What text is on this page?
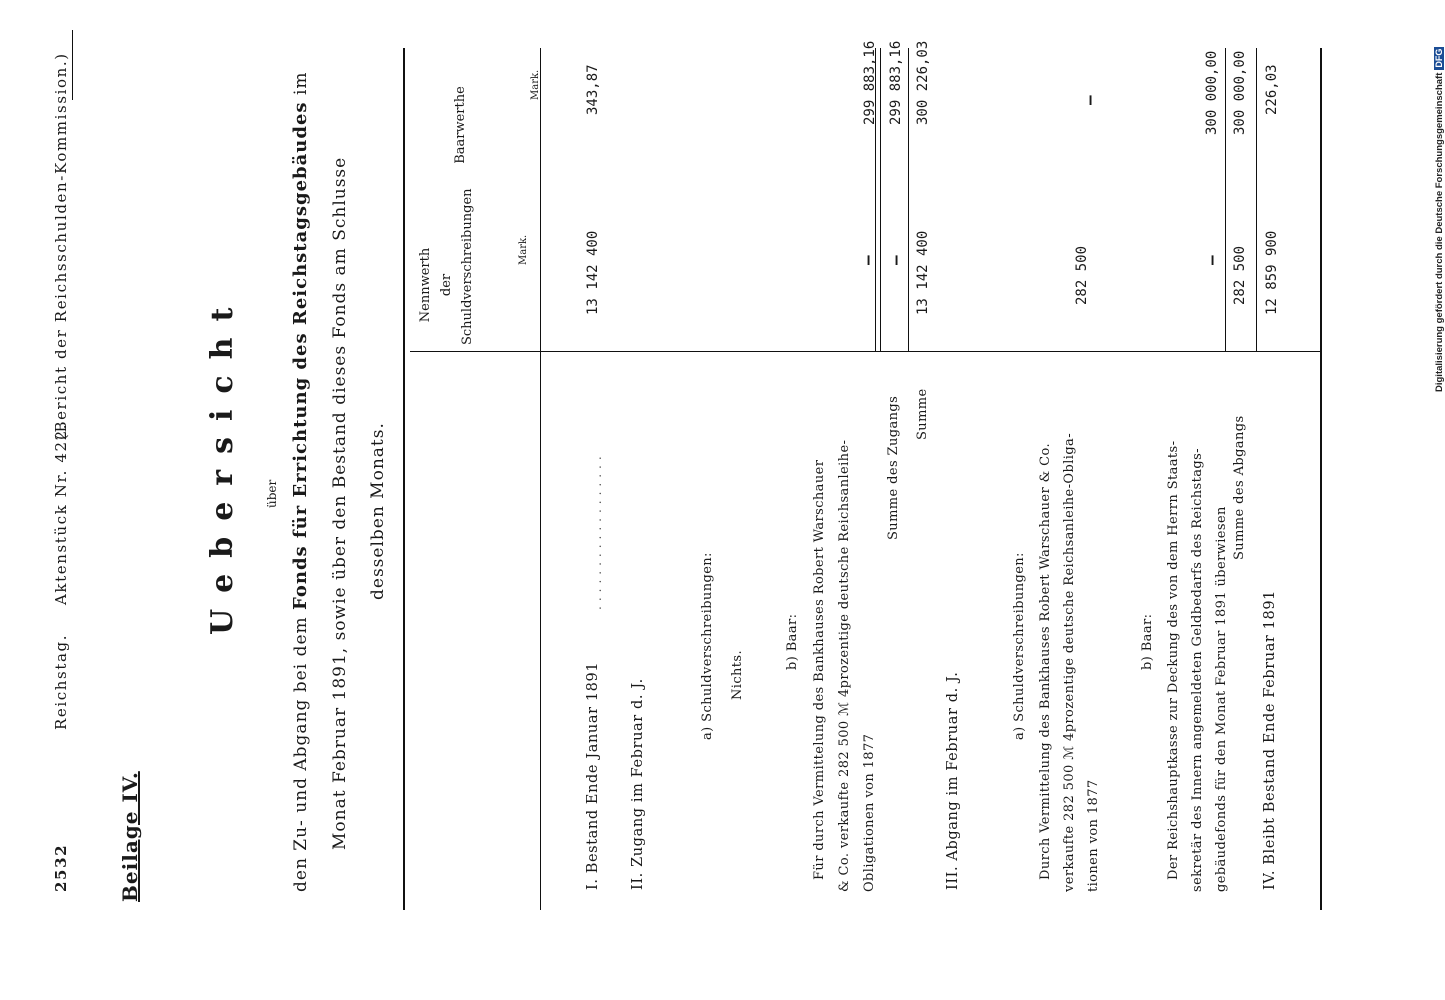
2532
Reichstag.
Aktenstück Nr. 422.
(Bericht der Reichsschulden-Kommission.)
Beilage IV.
Uebersicht über
den Zu- und Abgang bei dem Fonds für Errichtung des Reichstagsgebäudes im
Monat Februar 1891, sowie über den Bestand dieses Fonds am Schlusse desselben Monats.
Nennwerth der Schuldverschreibungen	Mark.
Baarwerthe
Mark.
I. Bestand Ende Januar 1891
..................
13 142 400
343,87
II. Zugang im Februar d. J.
a) Schuldverschreibungen: Nichts.
b) Baar: Für durch Vermittelung des Bankhauses Robert Warschauer & Co. verkaufte 282 500 ℳ 4prozentige deutsche Reichsanleihe- Obligationen von 1877
—
299 883,16
Summe des Zugangs
—
299 883,16
Summe
13 142 400
300 226,03
III. Abgang im Februar d. J.
a) Schuldverschreibungen: Durch Vermittelung des Bankhauses Robert Warschauer & Co. verkaufte 282 500 ℳ 4prozentige deutsche Reichsanleihe-Obliga- tionen von 1877
282 500
—
b) Baar: Der Reichshauptkasse zur Deckung des von dem Herrn Staats- sekretär des Innern angemeldeten Geldbedarfs des Reichstags- gebäudefonds für den Monat Februar 1891 überwiesen
—
300 000,00
Summe des Abgangs
282 500
300 000,00
IV. Bleibt Bestand Ende Februar 1891
12 859 900
226,03	Digitalisierung gefördert durch die Deutsche ForschungsgemeinschaftDFG
